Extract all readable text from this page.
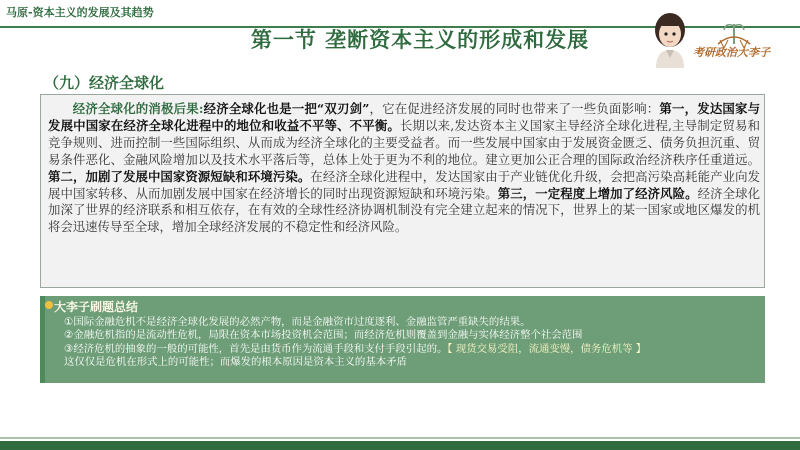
马原-资本主义的发展及其趋势
第一节 垄断资本主义的形成和发展
考研政治大李子
（九）经济全球化
经济全球化的消极后果:经济全球化也是一把“双刃剑”，它在促进经济发展的同时也带来了一些负面影响：第一，发达国家与发展中国家在经济全球化进程中的地位和收益不平等、不平衡。长期以来,发达资本主义国家主导经济全球化进程,主导制定贸易和竞争规则、进而控制一些国际组织、从而成为经济全球化的主要受益者。而一些发展中国家由于发展资金匮乏、债务负担沉重、贸易条件恶化、金融风险增加以及技术水平落后等，总体上处于更为不利的地位。建立更加公正合理的国际政治经济秩序任重道远。第二，加剧了发展中国家资源短缺和环境污染。在经济全球化进程中，发达国家由于产业链优化升级，会把高污染高耗能产业向发展中国家转移、从而加剧发展中国家在经济增长的同时出现资源短缺和环境污染。第三，一定程度上增加了经济风险。经济全球化加深了世界的经济联系和相互依存，在有效的全球性经济协调机制没有完全建立起来的情况下，世界上的某一国家或地区爆发的机将会迅速传导至全球，增加全球经济发展的不稳定性和经济风险。
大李子刷题总结
①国际金融危机不是经济全球化发展的必然产物，而是金融资市过度逐利、金融监管严重缺失的结果。
②金融危机指的是流动性危机，局限在资本市场投资机会范围；而经济危机则覆盖到金融与实体经济整个社会范围
③经济危机的抽象的一般的可能性，首先是由货币作为流通手段和支付手段引起的。【 现货交易受阻，流通变慢，债务危机等 】
这仅仅是危机在形式上的可能性；而爆发的根本原因是资本主义的基本矛盾
